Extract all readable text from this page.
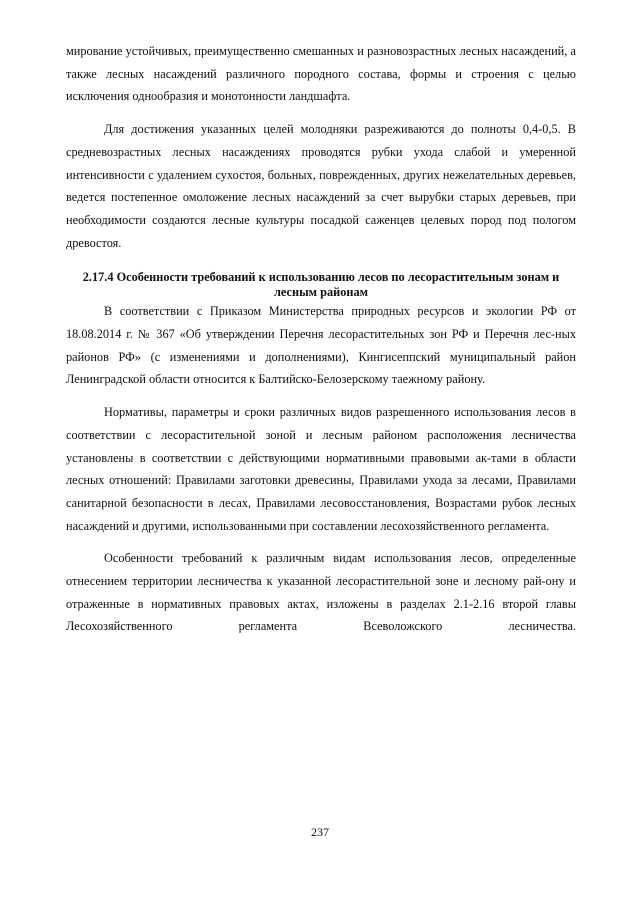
мирование устойчивых, преимущественно смешанных и разновозрастных лесных насаждений, а также лесных насаждений различного породного состава, формы и строения с целью исключения однообразия и монотонности ландшафта.

Для достижения указанных целей молодняки разреживаются до полноты 0,4-0,5. В средневозрастных лесных насаждениях проводятся рубки ухода слабой и умеренной интенсивности с удалением сухостоя, больных, поврежденных, других нежелательных деревьев, ведется постепенное омоложение лесных насаждений за счет вырубки старых деревьев, при необходимости создаются лесные культуры посадкой саженцев целевых пород под пологом древостоя.

2.17.4 Особенности требований к использованию лесов по лесорастительным зонам и лесным районам

В соответствии с Приказом Министерства природных ресурсов и экологии РФ от 18.08.2014 г. № 367 «Об утверждении Перечня лесорастительных зон РФ и Перечня лес-ных районов РФ» (с изменениями и дополнениями), Кингисеппский муниципальный район Ленинградской области относится к Балтийско-Белозерскому таежному району.

Нормативы, параметры и сроки различных видов разрешенного использования лесов в соответствии с лесорастительной зоной и лесным районом расположения лесничества установлены в соответствии с действующими нормативными правовыми ак-тами в области лесных отношений: Правилами заготовки древесины, Правилами ухода за лесами, Правилами санитарной безопасности в лесах, Правилами лесовосстановления, Возрастами рубок лесных насаждений и другими, использованными при составлении лесохозяйственного регламента.

Особенности требований к различным видам использования лесов, определенные отнесением территории лесничества к указанной лесорастительной зоне и лесному рай-ону и отраженные в нормативных правовых актах, изложены в разделах 2.1-2.16 второй главы Лесохозяйственного регламента Всеволожского лесничества.

237
